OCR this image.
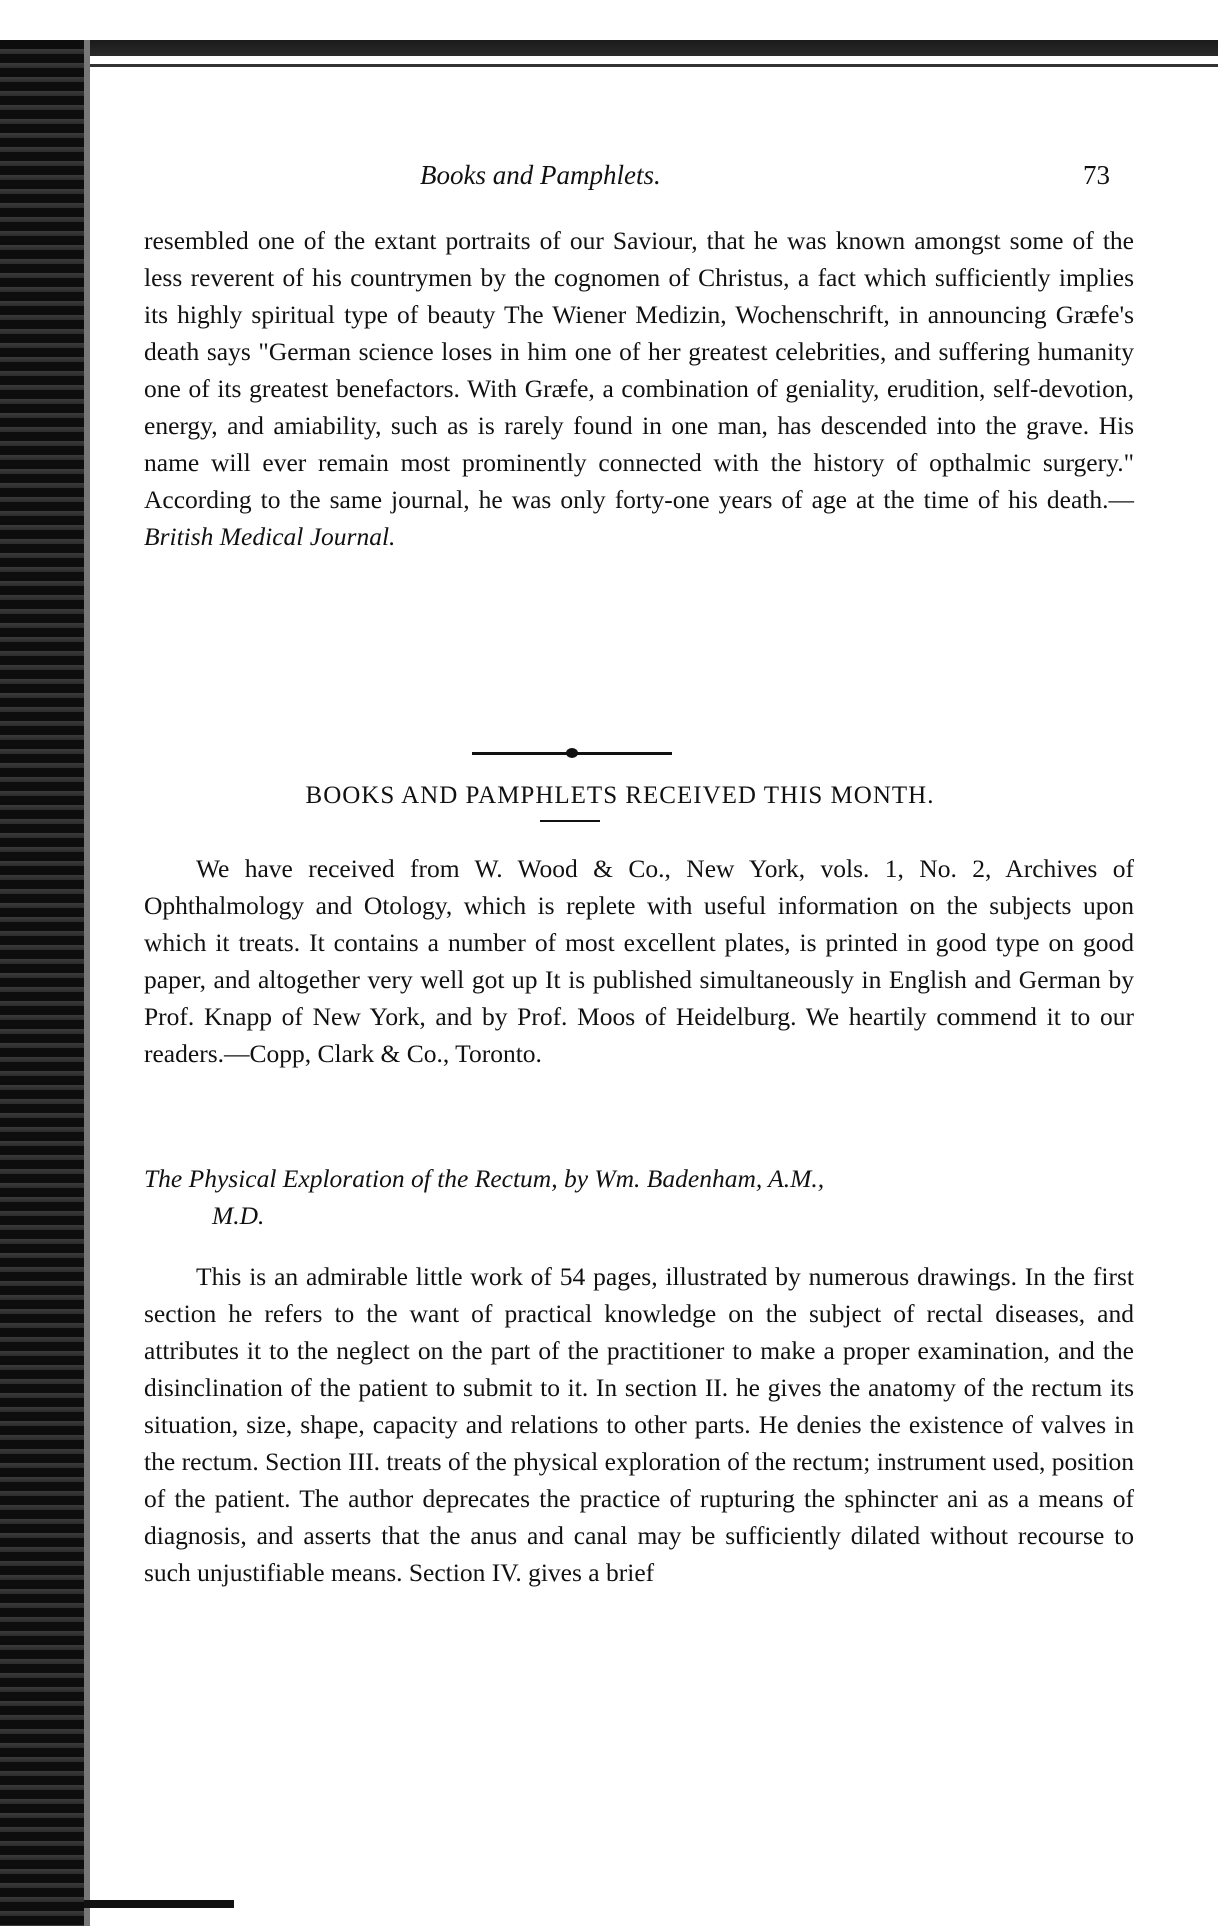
Books and Pamphlets.	73

resembled one of the extant portraits of our Saviour, that he was known amongst some of the less reverent of his countrymen by the cognomen of Christus, a fact which sufficiently implies its highly spiritual type of beauty The Wiener Medizin, Wochenschrift, in announcing Græfe's death says "German science loses in him one of her greatest celebrities, and suffering humanity one of its greatest benefactors. With Græfe, a combination of geniality, erudition, self-devotion, energy, and amiability, such as is rarely found in one man, has descended into the grave. His name will ever remain most prominently connected with the history of opthalmic surgery." According to the same journal, he was only forty-one years of age at the time of his death.— British Medical Journal.

BOOKS AND PAMPHLETS RECEIVED THIS MONTH.

We have received from W. Wood & Co., New York, vols. 1, No. 2, Archives of Ophthalmology and Otology, which is replete with useful information on the subjects upon which it treats. It contains a number of most excellent plates, is printed in good type on good paper, and altogether very well got up It is published simultaneously in English and German by Prof. Knapp of New York, and by Prof. Moos of Heidelburg. We heartily commend it to our readers.—Copp, Clark & Co., Toronto.

The Physical Exploration of the Rectum, by Wm. Badenham, A.M.,
M.D.

This is an admirable little work of 54 pages, illustrated by numerous drawings. In the first section he refers to the want of practical knowledge on the subject of rectal diseases, and attributes it to the neglect on the part of the practitioner to make a proper examination, and the disinclination of the patient to submit to it. In section II. he gives the anatomy of the rectum its situation, size, shape, capacity and relations to other parts. He denies the existence of valves in the rectum. Section III. treats of the physical exploration of the rectum; instrument used, position of the patient. The author deprecates the practice of rupturing the sphincter ani as a means of diagnosis, and asserts that the anus and canal may be sufficiently dilated without recourse to such unjustifiable means. Section IV. gives a brief
